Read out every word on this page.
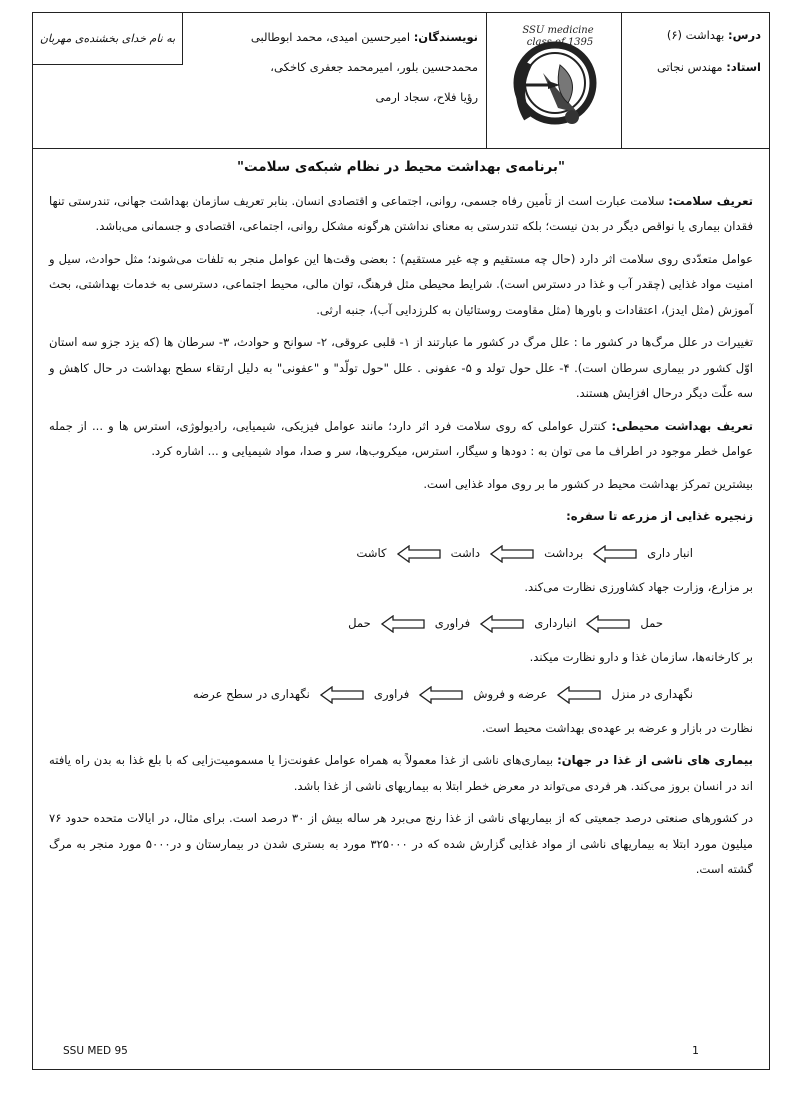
درس: بهداشت (۶)
استاد: مهندس نجاتی
SSU medicine
class of 1395
نویسندگان: امیرحسین امیدی، محمد ابوطالبی
محمدحسین بلور، امیرمحمد جعفری کاخکی،
رؤیا فلاح، سجاد ارمی
به نام خدای بخشنده‌ی مهربان
"برنامه‌ی بهداشت محیط در نظام شبکه‌ی سلامت"

تعریف سلامت: سلامت عبارت است از تأمین رفاه جسمی، روانی، اجتماعی و اقتصادی انسان. بنابر تعریف سازمان بهداشت جهانی، تندرستی تنها فقدان بیماری یا نواقص دیگر در بدن نیست؛ بلکه تندرستی به معنای نداشتن هرگونه مشکل روانی، اجتماعی، اقتصادی و جسمانی می‌باشد.

عوامل متعدّدی روی سلامت اثر دارد (حال چه مستقیم و چه غیر مستقیم) : بعضی وقت‌ها این عوامل منجر به تلفات می‌شوند؛ مثل حوادث، سیل و امنیت مواد غذایی (چقدر آب و غذا در دسترس است). شرایط محیطی مثل فرهنگ، توان مالی، محیط اجتماعی، دسترسی به خدمات بهداشتی، بحث آموزش (مثل ایدز)، اعتقادات و باورها (مثل مقاومت روستائیان به کلرزدایی آب)، جنبه ارثی.

تغییرات در علل مرگ‌ها در کشور ما : علل مرگ در کشور ما عبارتند از ۱- قلبی عروقی، ۲- سوانح و حوادث، ۳- سرطان ها (که یزد جزو سه استان اوّل کشور در بیماری سرطان است). ۴- علل حول تولد و ۵- عفونی . علل "حول تولّد" و "عفونی" به دلیل ارتقاء سطح بهداشت در حال کاهش و سه علّت دیگر درحال افزایش هستند.

تعریف بهداشت محیطی: کنترل عواملی که روی سلامت فرد اثر دارد؛ مانند عوامل فیزیکی، شیمیایی، رادیولوژی، استرس ها و ... از جمله عوامل خطر موجود در اطراف ما می توان به : دودها و سیگار، استرس، میکروب‌ها، سر و صدا، مواد شیمیایی و ... اشاره کرد.

بیشترین تمرکز بهداشت محیط در کشور ما بر روی مواد غذایی است.

زنجیره غذایی از مزرعه تا سفره:

انبار داری
برداشت
داشت
کاشت

بر مزارع، وزارت جهاد کشاورزی نظارت می‌کند.

حمل
انبارداری
فراوری
حمل

بر کارخانه‌ها، سازمان غذا و دارو نظارت میکند.

نگهداری در منزل
عرضه و فروش
فراوری
نگهداری در سطح عرضه

نظارت در بازار و عرضه بر عهده‌ی بهداشت محیط است.

بیماری های ناشی از غذا در جهان: بیماری‌های ناشی از غذا معمولاً به همراه عوامل عفونت‌زا یا مسمومیت‌زایی که با بلع غذا به بدن راه یافته اند در انسان بروز می‌کند. هر فردی می‌تواند در معرض خطر ابتلا به بیماریهای ناشی از غذا باشد.

در کشورهای صنعتی درصد جمعیتی که از بیماریهای ناشی از غذا رنج می‌برد هر ساله بیش از ۳۰ درصد است. برای مثال، در ایالات متحده حدود ۷۶ میلیون مورد ابتلا به بیماریهای ناشی از مواد غذایی گزارش شده که در ۳۲۵۰۰۰ مورد به بستری شدن در بیمارستان و در۵۰۰۰ مورد منجر به مرگ گشته است.

SSU MED 95	1
